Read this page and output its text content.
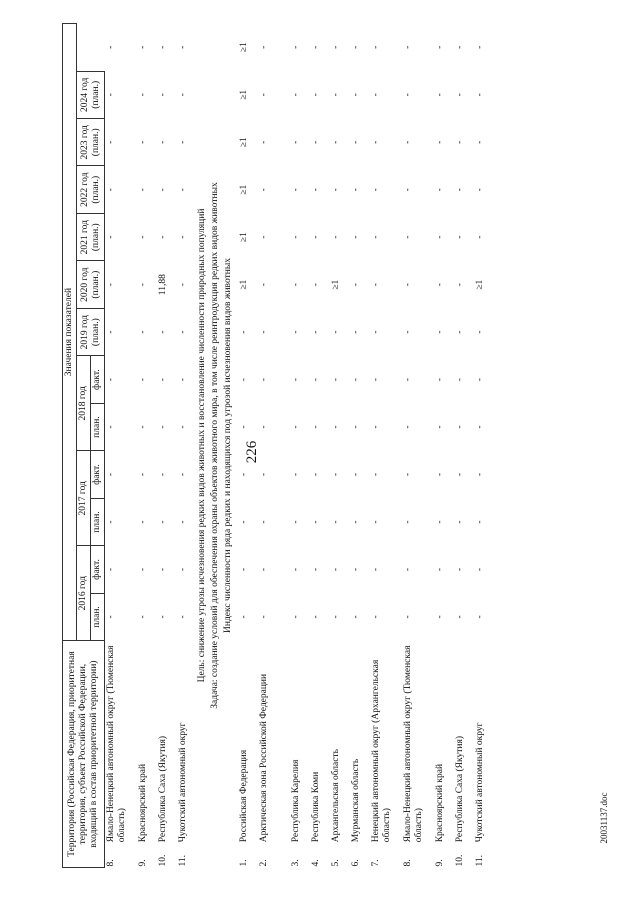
226
20031137.doc
Территория (Российская Федерация, приоритетная территория, субъект Российской Федерации, входящий в состав приоритетной территории)		Значения показателей												
		2016 год		2017 год		2018 год		2019 год (план.)	2020 год (план.)	2021 год (план.)	2022 год (план.)	2023 год (план.)	2024 год (план.)	
		план.	факт.	план.	факт.	план.	факт.							
8.	Ямало-Ненецкий автономный округ (Тюменская область)	-	-	-	-	-	-	-	-	-	-	-	-	-
9.	Красноярский край	-	-	-	-	-	-	-	-	-	-	-	-	-
10.	Республика Саха (Якутия)	-	-	-	-	-	-	-	11,88	-	-	-	-	-
11.	Чукотский автономный округ	-	-	-	-	-	-	-	-	-	-	-	-	-
Цель: снижение угрозы исчезновения редких видов животных и восстановление численности природных популяций														
Задача: создание условий для обеспечения охраны объектов животного мира, в том числе реинтродукция редких видов животных														
Индекс численности ряда редких и находящихся под угрозой исчезновения видов животных														
1.	Российская Федерация	-	-	-	-	-	-	-	≥1	≥1	≥1	≥1	≥1	≥1
2.	Арктическая зона Российской Федерации	-	-	-	-	-	-	-	-	-	-	-	-	-
3.	Республика Карелия	-	-	-	-	-	-	-	-	-	-	-	-	-
4.	Республика Коми	-	-	-	-	-	-	-	-	-	-	-	-	-
5.	Архангельская область	-	-	-	-	-	-	-	≥1	-	-	-	-	-
6.	Мурманская область	-	-	-	-	-	-	-	-	-	-	-	-	-
7.	Ненецкий автономный округ (Архангельская область)	-	-	-	-	-	-	-	-	-	-	-	-	-
8.	Ямало-Ненецкий автономный округ (Тюменская область)	-	-	-	-	-	-	-	-	-	-	-	-	-
9.	Красноярский край	-	-	-	-	-	-	-	-	-	-	-	-	-
10.	Республика Саха (Якутия)	-	-	-	-	-	-	-	-	-	-	-	-	-
11.	Чукотский автономный округ	-	-	-	-	-	-	-	≥1	-	-	-	-	-
